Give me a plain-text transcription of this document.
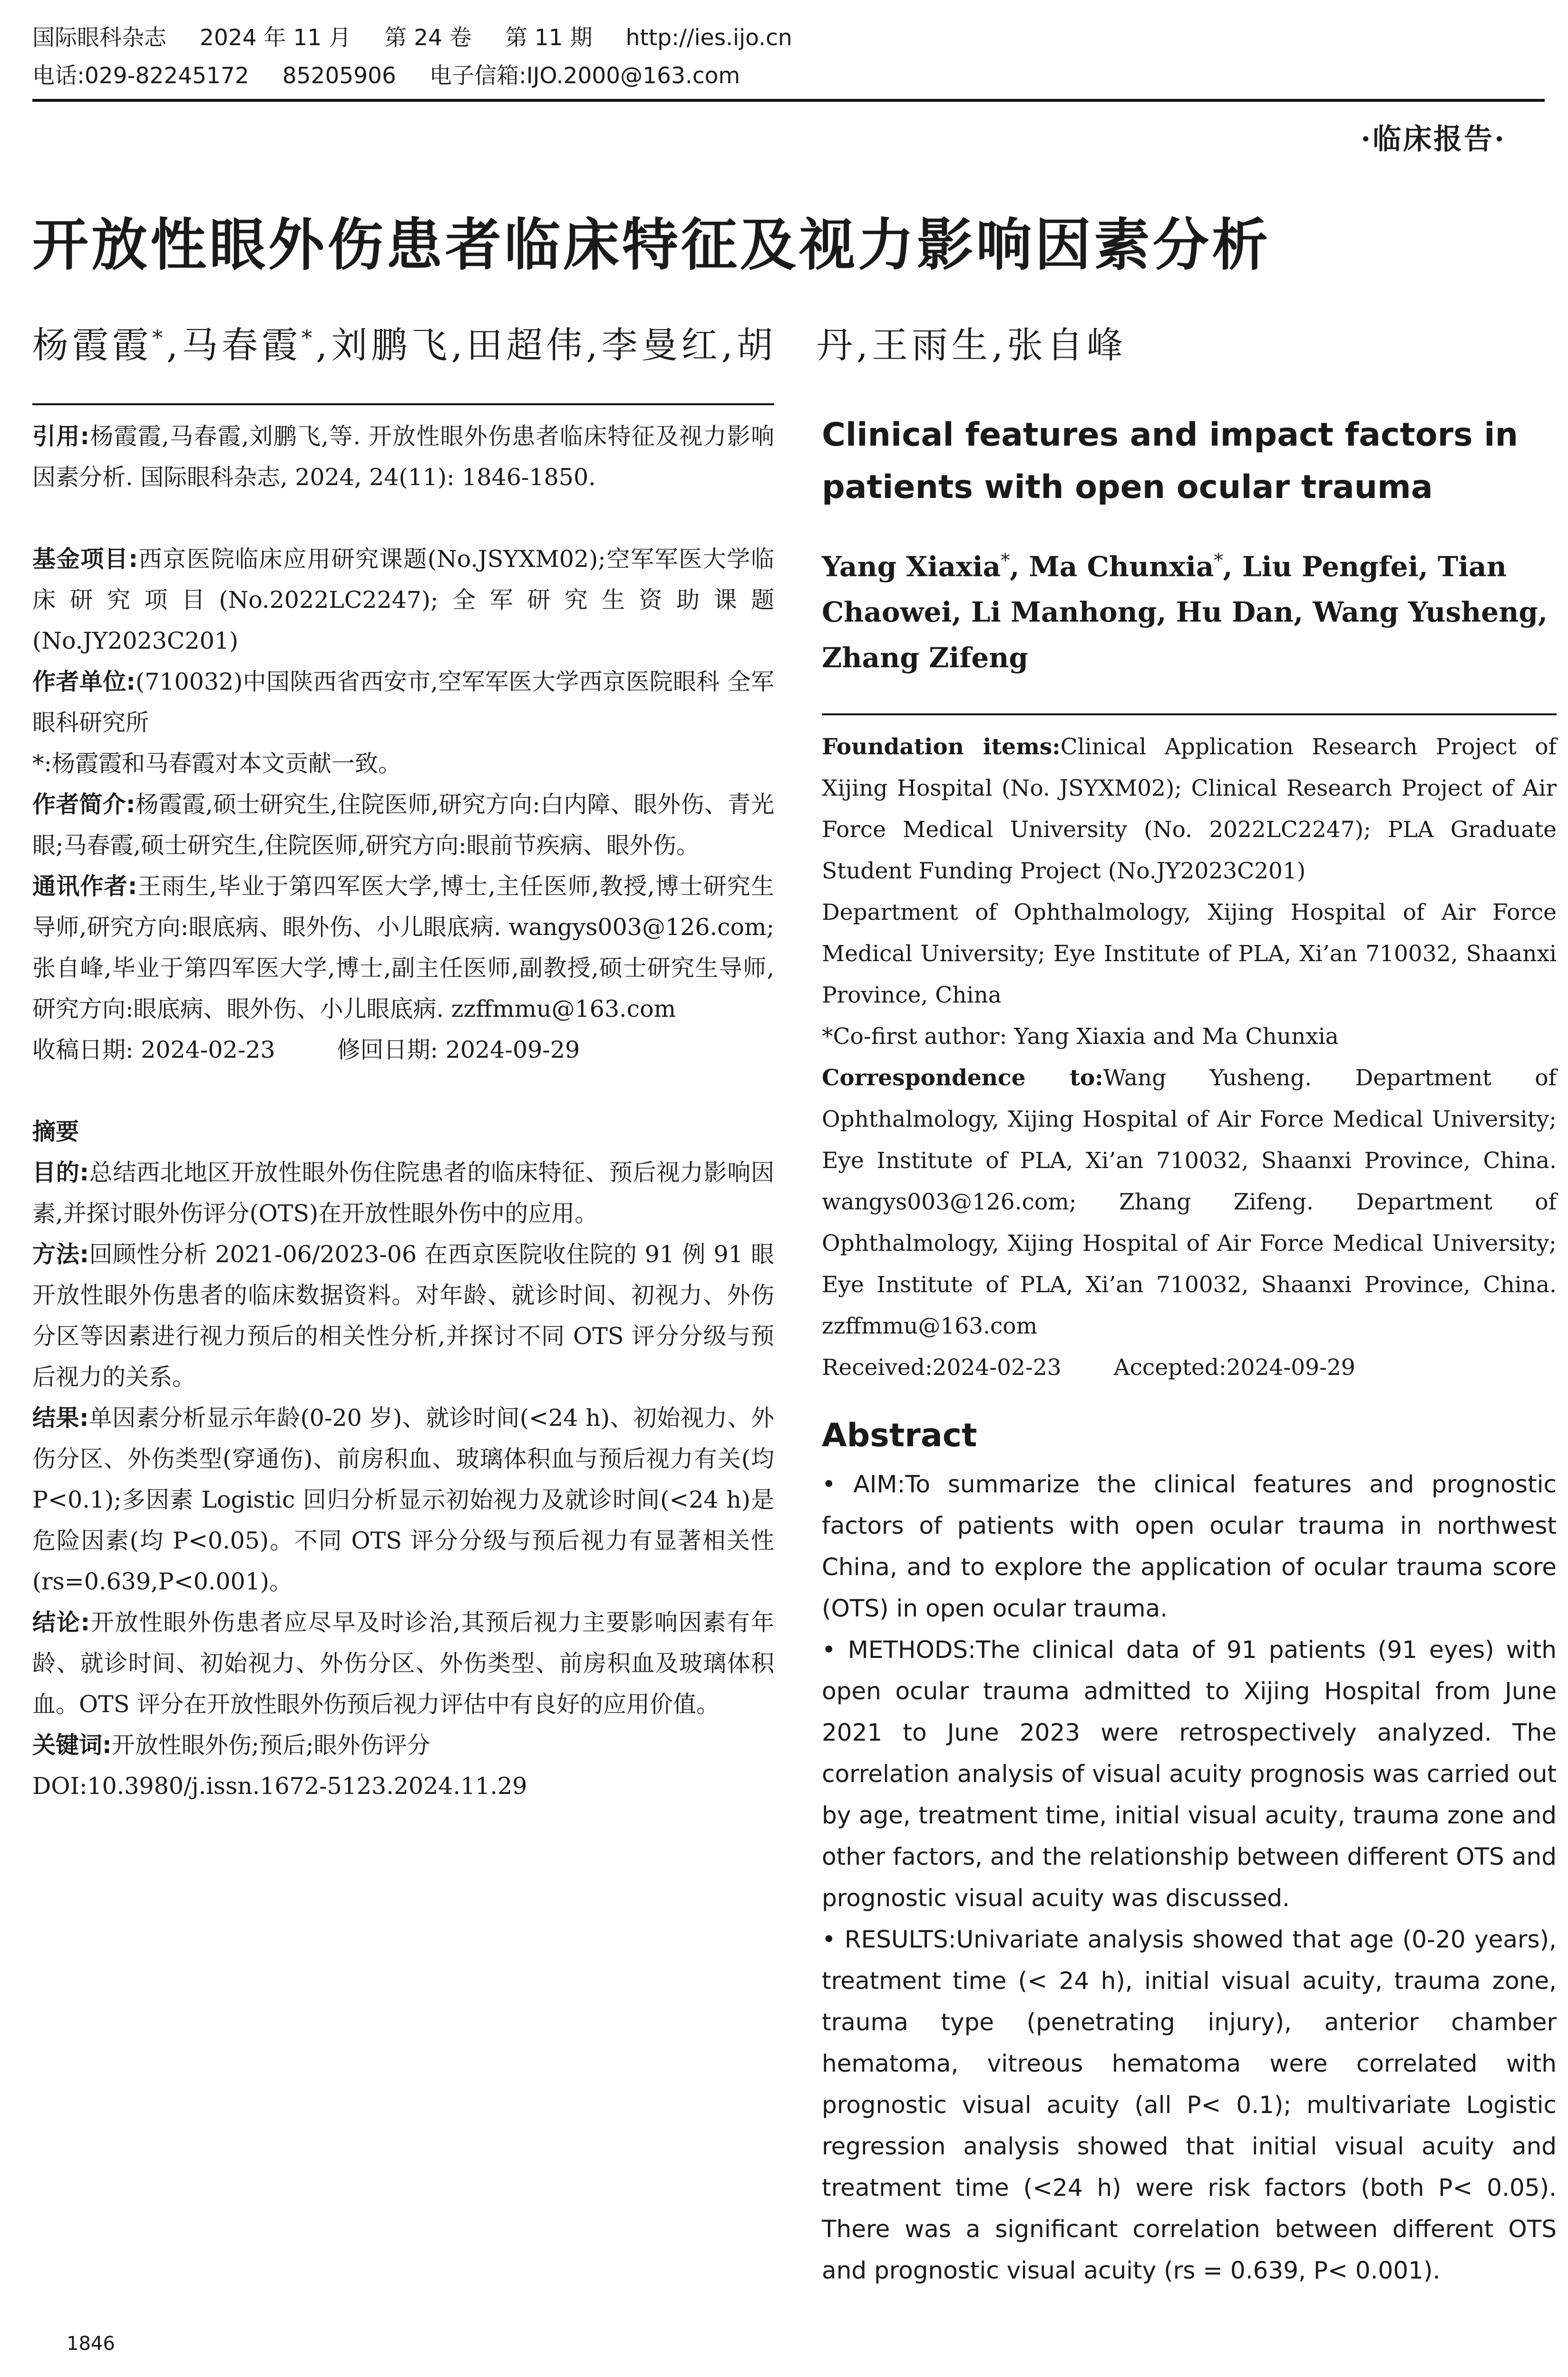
国际眼科杂志 2024 年 11 月 第 24 卷 第 11 期 http://ies.ijo.cn
电话:029-82245172 85205906 电子信箱:IJO.2000@163.com
·临床报告·
开放性眼外伤患者临床特征及视力影响因素分析
杨霞霞*,马春霞*,刘鹏飞,田超伟,李曼红,胡　丹,王雨生,张自峰

引用:杨霞霞,马春霞,刘鹏飞,等. 开放性眼外伤患者临床特征及视力影响因素分析. 国际眼科杂志, 2024, 24(11): 1846-1850.

基金项目:西京医院临床应用研究课题(No.JSYXM02);空军军医大学临床研究项目(No.2022LC2247);全军研究生资助课题(No.JY2023C201)

作者单位:(710032)中国陕西省西安市,空军军医大学西京医院眼科 全军眼科研究所

*:杨霞霞和马春霞对本文贡献一致。

作者简介:杨霞霞,硕士研究生,住院医师,研究方向:白内障、眼外伤、青光眼;马春霞,硕士研究生,住院医师,研究方向:眼前节疾病、眼外伤。

通讯作者:王雨生,毕业于第四军医大学,博士,主任医师,教授,博士研究生导师,研究方向:眼底病、眼外伤、小儿眼底病. wangys003@126.com;张自峰,毕业于第四军医大学,博士,副主任医师,副教授,硕士研究生导师,研究方向:眼底病、眼外伤、小儿眼底病. zzffmmu@163.com

收稿日期: 2024-02-23	修回日期: 2024-09-29

摘要

目的:总结西北地区开放性眼外伤住院患者的临床特征、预后视力影响因素,并探讨眼外伤评分(OTS)在开放性眼外伤中的应用。

方法:回顾性分析 2021-06/2023-06 在西京医院收住院的 91 例 91 眼开放性眼外伤患者的临床数据资料。对年龄、就诊时间、初视力、外伤分区等因素进行视力预后的相关性分析,并探讨不同 OTS 评分分级与预后视力的关系。

结果:单因素分析显示年龄(0-20 岁)、就诊时间(<24 h)、初始视力、外伤分区、外伤类型(穿通伤)、前房积血、玻璃体积血与预后视力有关(均 P<0.1);多因素 Logistic 回归分析显示初始视力及就诊时间(<24 h)是危险因素(均 P<0.05)。不同 OTS 评分分级与预后视力有显著相关性(rs=0.639,P<0.001)。

结论:开放性眼外伤患者应尽早及时诊治,其预后视力主要影响因素有年龄、就诊时间、初始视力、外伤分区、外伤类型、前房积血及玻璃体积血。OTS 评分在开放性眼外伤预后视力评估中有良好的应用价值。

关键词:开放性眼外伤;预后;眼外伤评分

DOI:10.3980/j.issn.1672-5123.2024.11.29

Clinical features and impact factors in patients with open ocular trauma

Yang Xiaxia*, Ma Chunxia*, Liu Pengfei, Tian Chaowei, Li Manhong, Hu Dan, Wang Yusheng, Zhang Zifeng

Foundation items:Clinical Application Research Project of Xijing Hospital (No. JSYXM02); Clinical Research Project of Air Force Medical University (No. 2022LC2247); PLA Graduate Student Funding Project (No.JY2023C201)

Department of Ophthalmology, Xijing Hospital of Air Force Medical University; Eye Institute of PLA, Xi’an 710032, Shaanxi Province, China

*Co-first author: Yang Xiaxia and Ma Chunxia

Correspondence to:Wang Yusheng. Department of Ophthalmology, Xijing Hospital of Air Force Medical University; Eye Institute of PLA, Xi’an 710032, Shaanxi Province, China. wangys003@126.com; Zhang Zifeng. Department of Ophthalmology, Xijing Hospital of Air Force Medical University; Eye Institute of PLA, Xi’an 710032, Shaanxi Province, China. zzffmmu@163.com

Received:2024-02-23 Accepted:2024-09-29

Abstract

• AIM:To summarize the clinical features and prognostic factors of patients with open ocular trauma in northwest China, and to explore the application of ocular trauma score (OTS) in open ocular trauma.

• METHODS:The clinical data of 91 patients (91 eyes) with open ocular trauma admitted to Xijing Hospital from June 2021 to June 2023 were retrospectively analyzed. The correlation analysis of visual acuity prognosis was carried out by age, treatment time, initial visual acuity, trauma zone and other factors, and the relationship between different OTS and prognostic visual acuity was discussed.

• RESULTS:Univariate analysis showed that age (0-20 years), treatment time (< 24 h), initial visual acuity, trauma zone, trauma type (penetrating injury), anterior chamber hematoma, vitreous hematoma were correlated with prognostic visual acuity (all P< 0.1); multivariate Logistic regression analysis showed that initial visual acuity and treatment time (<24 h) were risk factors (both P< 0.05). There was a significant correlation between different OTS and prognostic visual acuity (rs = 0.639, P< 0.001).

1846
